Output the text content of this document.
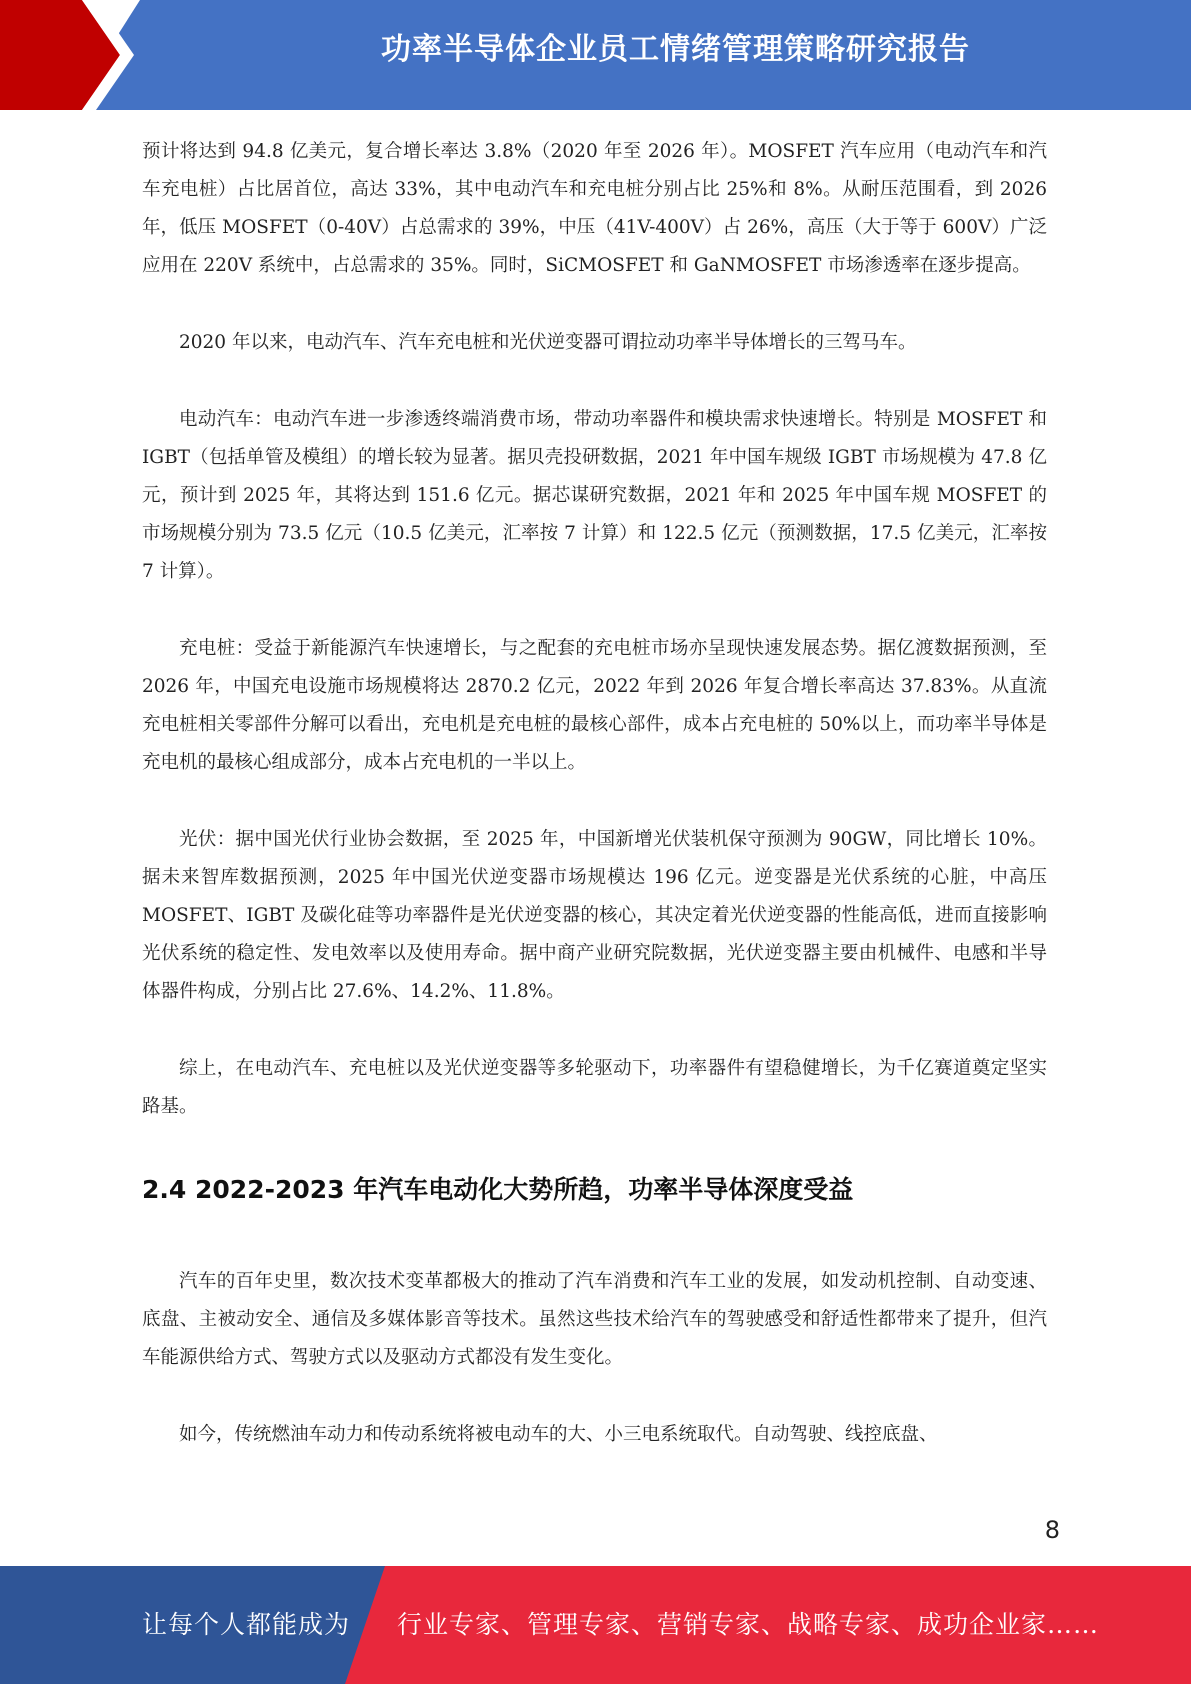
功率半导体企业员工情绪管理策略研究报告

预计将达到 94.8 亿美元，复合增长率达 3.8%（2020 年至 2026 年）。MOSFET 汽车应用（电动汽车和汽车充电桩）占比居首位，高达 33%，其中电动汽车和充电桩分别占比 25%和 8%。从耐压范围看，到 2026 年，低压 MOSFET（0-40V）占总需求的 39%，中压（41V-400V）占 26%，高压（大于等于 600V）广泛应用在 220V 系统中，占总需求的 35%。同时，SiCMOSFET 和 GaNMOSFET 市场渗透率在逐步提高。

2020 年以来，电动汽车、汽车充电桩和光伏逆变器可谓拉动功率半导体增长的三驾马车。

电动汽车：电动汽车进一步渗透终端消费市场，带动功率器件和模块需求快速增长。特别是 MOSFET 和 IGBT（包括单管及模组）的增长较为显著。据贝壳投研数据，2021 年中国车规级 IGBT 市场规模为 47.8 亿元，预计到 2025 年，其将达到 151.6 亿元。据芯谋研究数据，2021 年和 2025 年中国车规 MOSFET 的市场规模分别为 73.5 亿元（10.5 亿美元，汇率按 7 计算）和 122.5 亿元（预测数据，17.5 亿美元，汇率按 7 计算）。

充电桩：受益于新能源汽车快速增长，与之配套的充电桩市场亦呈现快速发展态势。据亿渡数据预测，至 2026 年，中国充电设施市场规模将达 2870.2 亿元，2022 年到 2026 年复合增长率高达 37.83%。从直流充电桩相关零部件分解可以看出，充电机是充电桩的最核心部件，成本占充电桩的 50%以上，而功率半导体是充电机的最核心组成部分，成本占充电机的一半以上。

光伏：据中国光伏行业协会数据，至 2025 年，中国新增光伏装机保守预测为 90GW，同比增长 10%。据未来智库数据预测，2025 年中国光伏逆变器市场规模达 196 亿元。逆变器是光伏系统的心脏，中高压 MOSFET、IGBT 及碳化硅等功率器件是光伏逆变器的核心，其决定着光伏逆变器的性能高低，进而直接影响光伏系统的稳定性、发电效率以及使用寿命。据中商产业研究院数据，光伏逆变器主要由机械件、电感和半导体器件构成，分别占比 27.6%、14.2%、11.8%。

综上，在电动汽车、充电桩以及光伏逆变器等多轮驱动下，功率器件有望稳健增长，为千亿赛道奠定坚实路基。

2.4 2022-2023 年汽车电动化大势所趋，功率半导体深度受益

汽车的百年史里，数次技术变革都极大的推动了汽车消费和汽车工业的发展，如发动机控制、自动变速、底盘、主被动安全、通信及多媒体影音等技术。虽然这些技术给汽车的驾驶感受和舒适性都带来了提升，但汽车能源供给方式、驾驶方式以及驱动方式都没有发生变化。

如今，传统燃油车动力和传动系统将被电动车的大、小三电系统取代。自动驾驶、线控底盘、

8
让每个人都能成为 行业专家、管理专家、营销专家、战略专家、成功企业家……
